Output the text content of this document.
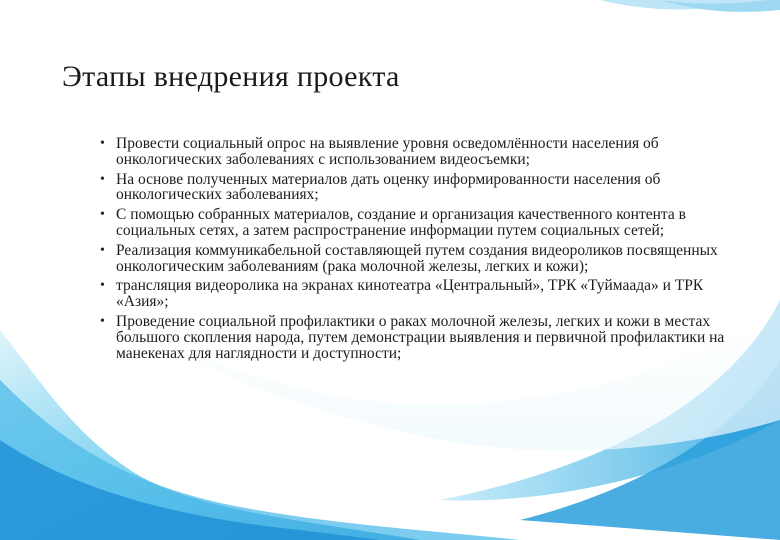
Этапы внедрения проекта
• Провести социальный опрос на выявление уровня осведомлённости населения об онкологических заболеваниях с использованием видеосъемки;
• На основе полученных материалов дать оценку информированности населения об онкологических заболеваниях;
• С помощью собранных материалов, создание и организация качественного контента в социальных сетях, а затем распространение информации путем социальных сетей;
• Реализация коммуникабельной составляющей путем создания видеороликов посвященных онкологическим заболеваниям (рака молочной железы, легких и кожи);
• трансляция видеоролика на экранах кинотеатра «Центральный», ТРК «Туймаада» и ТРК «Азия»;
• Проведение социальной профилактики о раках молочной железы, легких и кожи в местах большого скопления народа, путем демонстрации выявления и первичной профилактики на манекенах для наглядности и доступности;
